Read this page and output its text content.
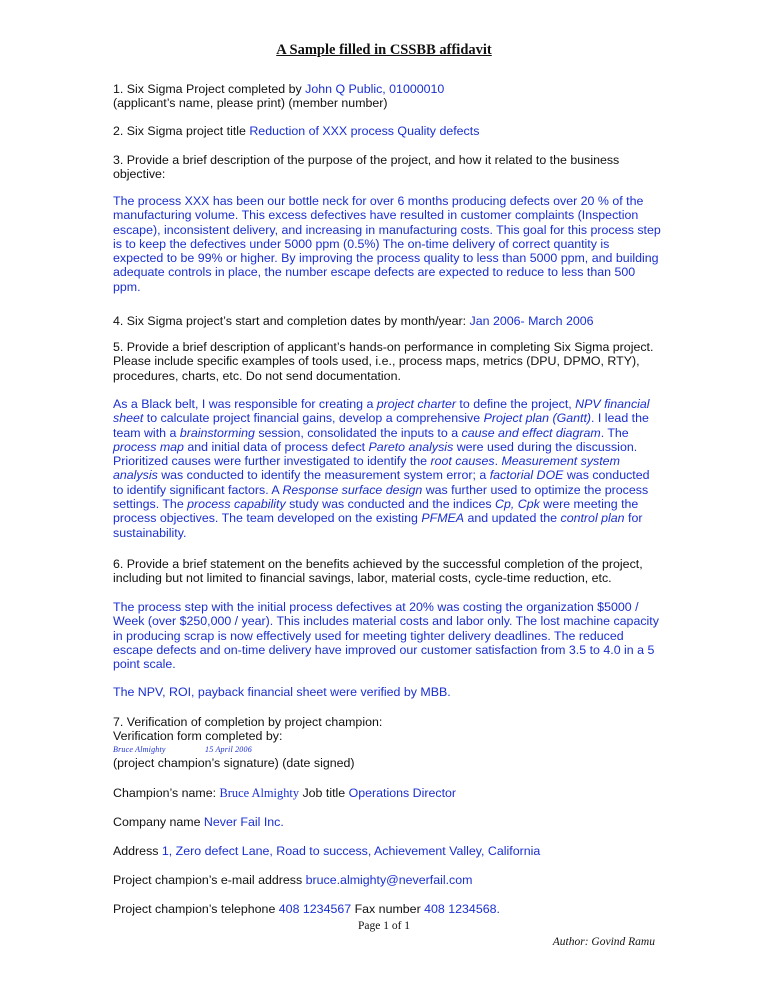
A Sample filled in CSSBB affidavit

1. Six Sigma Project completed by John Q Public, 01000010
(applicant’s name, please print) (member number)

2. Six Sigma project title Reduction of XXX process Quality defects

3. Provide a brief description of the purpose of the project, and how it related to the business objective:

The process XXX has been our bottle neck for over 6 months producing defects over 20 % of the manufacturing volume. This excess defectives have resulted in customer complaints (Inspection escape), inconsistent delivery, and increasing in manufacturing costs. This goal for this process step is to keep the defectives under 5000 ppm (0.5%) The on-time delivery of correct quantity is expected to be 99% or higher. By improving the process quality to less than 5000 ppm, and building adequate controls in place, the number escape defects are expected to reduce to less than 500 ppm.

4. Six Sigma project’s start and completion dates by month/year: Jan 2006- March 2006

5. Provide a brief description of applicant’s hands-on performance in completing Six Sigma project. Please include specific examples of tools used, i.e., process maps, metrics (DPU, DPMO, RTY), procedures, charts, etc. Do not send documentation.

As a Black belt, I was responsible for creating a project charter to define the project, NPV financial sheet to calculate project financial gains, develop a comprehensive Project plan (Gantt). I lead the team with a brainstorming session, consolidated the inputs to a cause and effect diagram. The process map and initial data of process defect Pareto analysis were used during the discussion. Prioritized causes were further investigated to identify the root causes. Measurement system analysis was conducted to identify the measurement system error; a factorial DOE was conducted to identify significant factors. A Response surface design was further used to optimize the process settings. The process capability study was conducted and the indices Cp, Cpk were meeting the process objectives. The team developed on the existing PFMEA and updated the control plan for sustainability.

6. Provide a brief statement on the benefits achieved by the successful completion of the project, including but not limited to financial savings, labor, material costs, cycle-time reduction, etc.

The process step with the initial process defectives at 20% was costing the organization $5000 / Week (over $250,000 / year). This includes material costs and labor only. The lost machine capacity in producing scrap is now effectively used for meeting tighter delivery deadlines. The reduced escape defects and on-time delivery have improved our customer satisfaction from 3.5 to 4.0 in a 5 point scale.

The NPV, ROI, payback financial sheet were verified by MBB.

7. Verification of completion by project champion:
Verification form completed by:
Bruce Almighty	15 April 2006
(project champion’s signature) (date signed)

Champion’s name: Bruce Almighty Job title Operations Director

Company name Never Fail Inc.

Address 1, Zero defect Lane, Road to success, Achievement Valley, California

Project champion’s e-mail address bruce.almighty@neverfail.com

Project champion’s telephone 408 1234567 Fax number 408 1234568.

Page 1 of 1
Author: Govind Ramu
